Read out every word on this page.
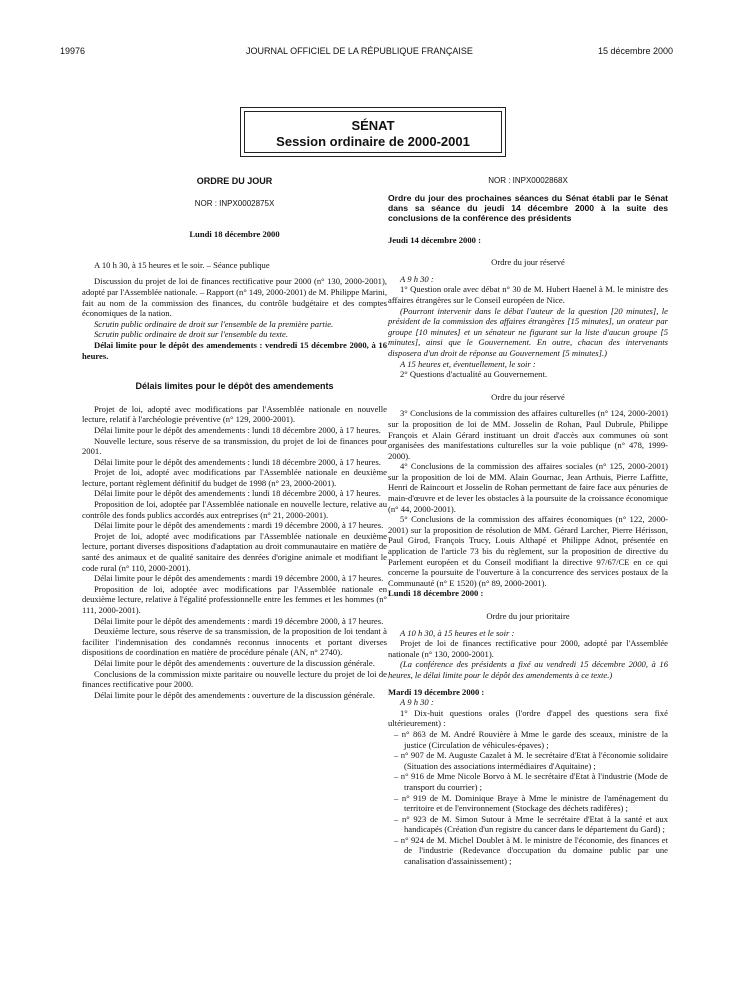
19976	JOURNAL OFFICIEL DE LA RÉPUBLIQUE FRANÇAISE	15 décembre 2000
SÉNAT
Session ordinaire de 2000-2001

ORDRE DU JOUR

NOR : INPX0002875X

Lundi 18 décembre 2000

A 10 h 30, à 15 heures et le soir. – Séance publique

Discussion du projet de loi de finances rectificative pour 2000 (n° 130, 2000-2001), adopté par l'Assemblée nationale. – Rapport (n° 149, 2000-2001) de M. Philippe Marini, fait au nom de la commission des finances, du contrôle budgétaire et des comptes économiques de la nation.

Scrutin public ordinaire de droit sur l'ensemble de la première partie.

Scrutin public ordinaire de droit sur l'ensemble du texte.

Délai limite pour le dépôt des amendements : vendredi 15 décembre 2000, à 16 heures.

Délais limites pour le dépôt des amendements

Projet de loi, adopté avec modifications par l'Assemblée nationale en nouvelle lecture, relatif à l'archéologie préventive (n° 129, 2000-2001).

Délai limite pour le dépôt des amendements : lundi 18 décembre 2000, à 17 heures.

Nouvelle lecture, sous réserve de sa transmission, du projet de loi de finances pour 2001.

Délai limite pour le dépôt des amendements : lundi 18 décembre 2000, à 17 heures.

Projet de loi, adopté avec modifications par l'Assemblée nationale en deuxième lecture, portant règlement définitif du budget de 1998 (n° 23, 2000-2001).

Délai limite pour le dépôt des amendements : lundi 18 décembre 2000, à 17 heures.

Proposition de loi, adoptée par l'Assemblée nationale en nouvelle lecture, relative au contrôle des fonds publics accordés aux entreprises (n° 21, 2000-2001).

Délai limite pour le dépôt des amendements : mardi 19 décembre 2000, à 17 heures.

Projet de loi, adopté avec modifications par l'Assemblée nationale en deuxième lecture, portant diverses dispositions d'adaptation au droit communautaire en matière de santé des animaux et de qualité sanitaire des denrées d'origine animale et modifiant le code rural (n° 110, 2000-2001).

Délai limite pour le dépôt des amendements : mardi 19 décembre 2000, à 17 heures.

Proposition de loi, adoptée avec modifications par l'Assemblée nationale en deuxième lecture, relative à l'égalité professionnelle entre les femmes et les hommes (n° 111, 2000-2001).

Délai limite pour le dépôt des amendements : mardi 19 décembre 2000, à 17 heures.

Deuxième lecture, sous réserve de sa transmission, de la proposition de loi tendant à faciliter l'indemnisation des condamnés reconnus innocents et portant diverses dispositions de coordination en matière de procédure pénale (AN, n° 2740).

Délai limite pour le dépôt des amendements : ouverture de la discussion générale.

Conclusions de la commission mixte paritaire ou nouvelle lecture du projet de loi de finances rectificative pour 2000.

Délai limite pour le dépôt des amendements : ouverture de la discussion générale.

NOR : INPX0002868X

Ordre du jour des prochaines séances du Sénat établi par le Sénat dans sa séance du jeudi 14 décembre 2000 à la suite des conclusions de la conférence des présidents

Jeudi 14 décembre 2000 :

Ordre du jour réservé

A 9 h 30 :

1° Question orale avec débat n° 30 de M. Hubert Haenel à M. le ministre des affaires étrangères sur le Conseil européen de Nice.

(Pourront intervenir dans le débat l'auteur de la question [20 minutes], le président de la commission des affaires étrangères [15 minutes], un orateur par groupe [10 minutes] et un sénateur ne figurant sur la liste d'aucun groupe [5 minutes], ainsi que le Gouvernement. En outre, chacun des intervenants disposera d'un droit de réponse au Gouvernement [5 minutes].)

A 15 heures et, éventuellement, le soir :

2° Questions d'actualité au Gouvernement.

Ordre du jour réservé

3° Conclusions de la commission des affaires culturelles (n° 124, 2000-2001) sur la proposition de loi de MM. Josselin de Rohan, Paul Dubrule, Philippe François et Alain Gérard instituant un droit d'accès aux communes où sont organisées des manifestations culturelles sur la voie publique (n° 478, 1999-2000).

4° Conclusions de la commission des affaires sociales (n° 125, 2000-2001) sur la proposition de loi de MM. Alain Gournac, Jean Arthuis, Pierre Laffitte, Henri de Raincourt et Josselin de Rohan permettant de faire face aux pénuries de main-d'œuvre et de lever les obstacles à la poursuite de la croissance économique (n° 44, 2000-2001).

5° Conclusions de la commission des affaires économiques (n° 122, 2000-2001) sur la proposition de résolution de MM. Gérard Larcher, Pierre Hérisson, Paul Girod, François Trucy, Louis Althapé et Philippe Adnot, présentée en application de l'article 73 bis du règlement, sur la proposition de directive du Parlement européen et du Conseil modifiant la directive 97/67/CE en ce qui concerne la poursuite de l'ouverture à la concurrence des services postaux de la Communauté (n° E 1520) (n° 89, 2000-2001).

Lundi 18 décembre 2000 :

Ordre du jour prioritaire

A 10 h 30, à 15 heures et le soir :

Projet de loi de finances rectificative pour 2000, adopté par l'Assemblée nationale (n° 130, 2000-2001).

(La conférence des présidents a fixé au vendredi 15 décembre 2000, à 16 heures, le délai limite pour le dépôt des amendements à ce texte.)

Mardi 19 décembre 2000 :

A 9 h 30 :

1° Dix-huit questions orales (l'ordre d'appel des questions sera fixé ultérieurement) :

– n° 863 de M. André Rouvière à Mme le garde des sceaux, ministre de la justice (Circulation de véhicules-épaves) ;

– n° 907 de M. Auguste Cazalet à M. le secrétaire d'Etat à l'économie solidaire (Situation des associations intermédiaires d'Aquitaine) ;

– n° 916 de Mme Nicole Borvo à M. le secrétaire d'Etat à l'industrie (Mode de transport du courrier) ;

– n° 919 de M. Dominique Braye à Mme le ministre de l'aménagement du territoire et de l'environnement (Stockage des déchets radifères) ;

– n° 923 de M. Simon Sutour à Mme le secrétaire d'Etat à la santé et aux handicapés (Création d'un registre du cancer dans le département du Gard) ;

– n° 924 de M. Michel Doublet à M. le ministre de l'économie, des finances et de l'industrie (Redevance d'occupation du domaine public par une canalisation d'assainissement) ;
